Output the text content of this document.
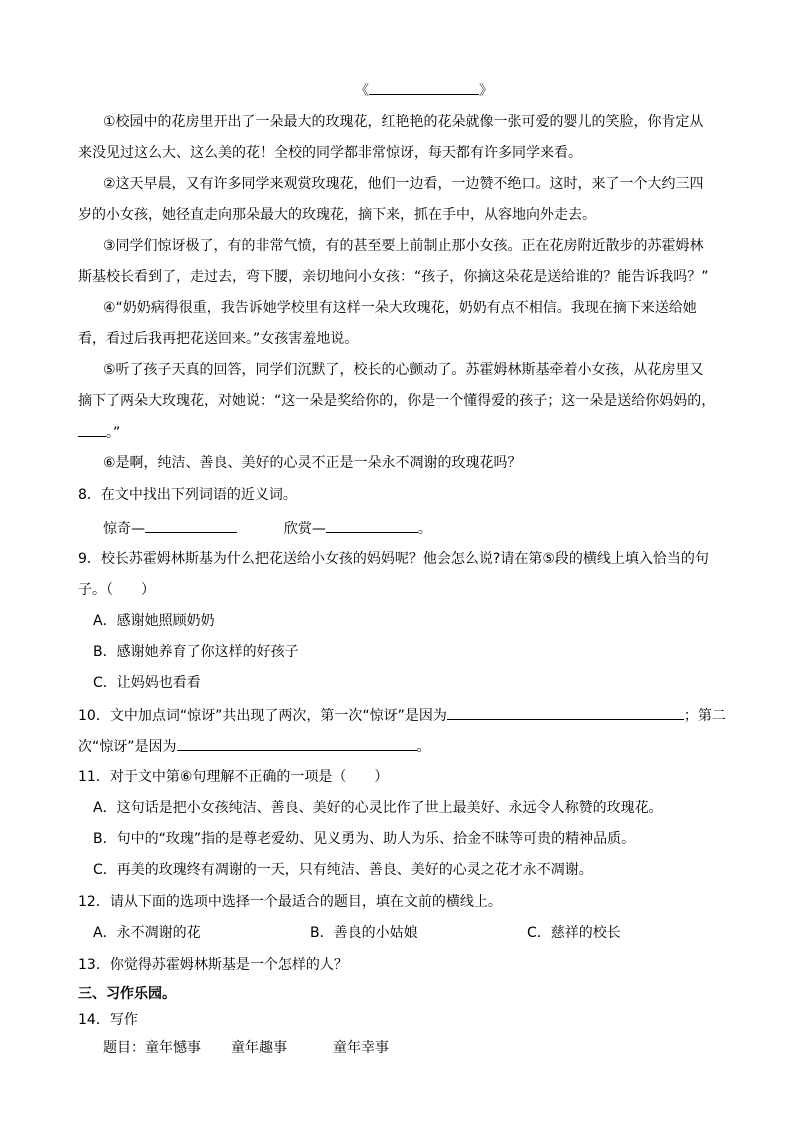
《	》
①校园中的花房里开出了一朵最大的玫瑰花，红艳艳的花朵就像一张可爱的婴儿的笑脸，你肯定从
来没见过这么大、这么美的花！全校的同学都非常惊讶，每天都有许多同学来看。
②这天早晨，又有许多同学来观赏玫瑰花，他们一边看，一边赞不绝口。这时，来了一个大约三四
岁的小女孩，她径直走向那朵最大的玫瑰花，摘下来，抓在手中，从容地向外走去。
③同学们惊讶极了，有的非常气愤，有的甚至要上前制止那小女孩。正在花房附近散步的苏霍姆林
斯基校长看到了，走过去，弯下腰，亲切地问小女孩：“孩子，你摘这朵花是送给谁的？能告诉我吗？”
④“奶奶病得很重，我告诉她学校里有这样一朵大玫瑰花，奶奶有点不相信。我现在摘下来送给她
看，看过后我再把花送回来。”女孩害羞地说。
⑤听了孩子天真的回答，同学们沉默了，校长的心颤动了。苏霍姆林斯基牵着小女孩，从花房里又
摘下了两朵大玫瑰花，对她说：“这一朵是奖给你的，你是一个懂得爱的孩子；这一朵是送给你妈妈的，
。”
⑥是啊，纯洁、善良、美好的心灵不正是一朵永不凋谢的玫瑰花吗？
8．在文中找出下列词语的近义词。
惊奇—	欣赏—	。
9．校长苏霍姆林斯基为什么把花送给小女孩的妈妈呢？他会怎么说?请在第⑤段的横线上填入恰当的句
子。（　　）
A．感谢她照顾奶奶
B．感谢她养育了你这样的好孩子
C．让妈妈也看看
10．文中加点词“惊讶”共出现了两次，第一次“惊讶”是因为	；第二
次“惊讶”是因为	。
11．对于文中第⑥句理解不正确的一项是（　　）
A．这句话是把小女孩纯洁、善良、美好的心灵比作了世上最美好、永远令人称赞的玫瑰花。
B．句中的“玫瑰”指的是尊老爱幼、见义勇为、助人为乐、拾金不昧等可贵的精神品质。
C．再美的玫瑰终有凋谢的一天，只有纯洁、善良、美好的心灵之花才永不凋谢。
12．请从下面的选项中选择一个最适合的题目，填在文前的横线上。
A．永不凋谢的花	B．善良的小姑娘	C．慈祥的校长
13．你觉得苏霍姆林斯基是一个怎样的人？
三、习作乐园。
14．写作
题目：童年憾事 童年趣事	童年幸事
